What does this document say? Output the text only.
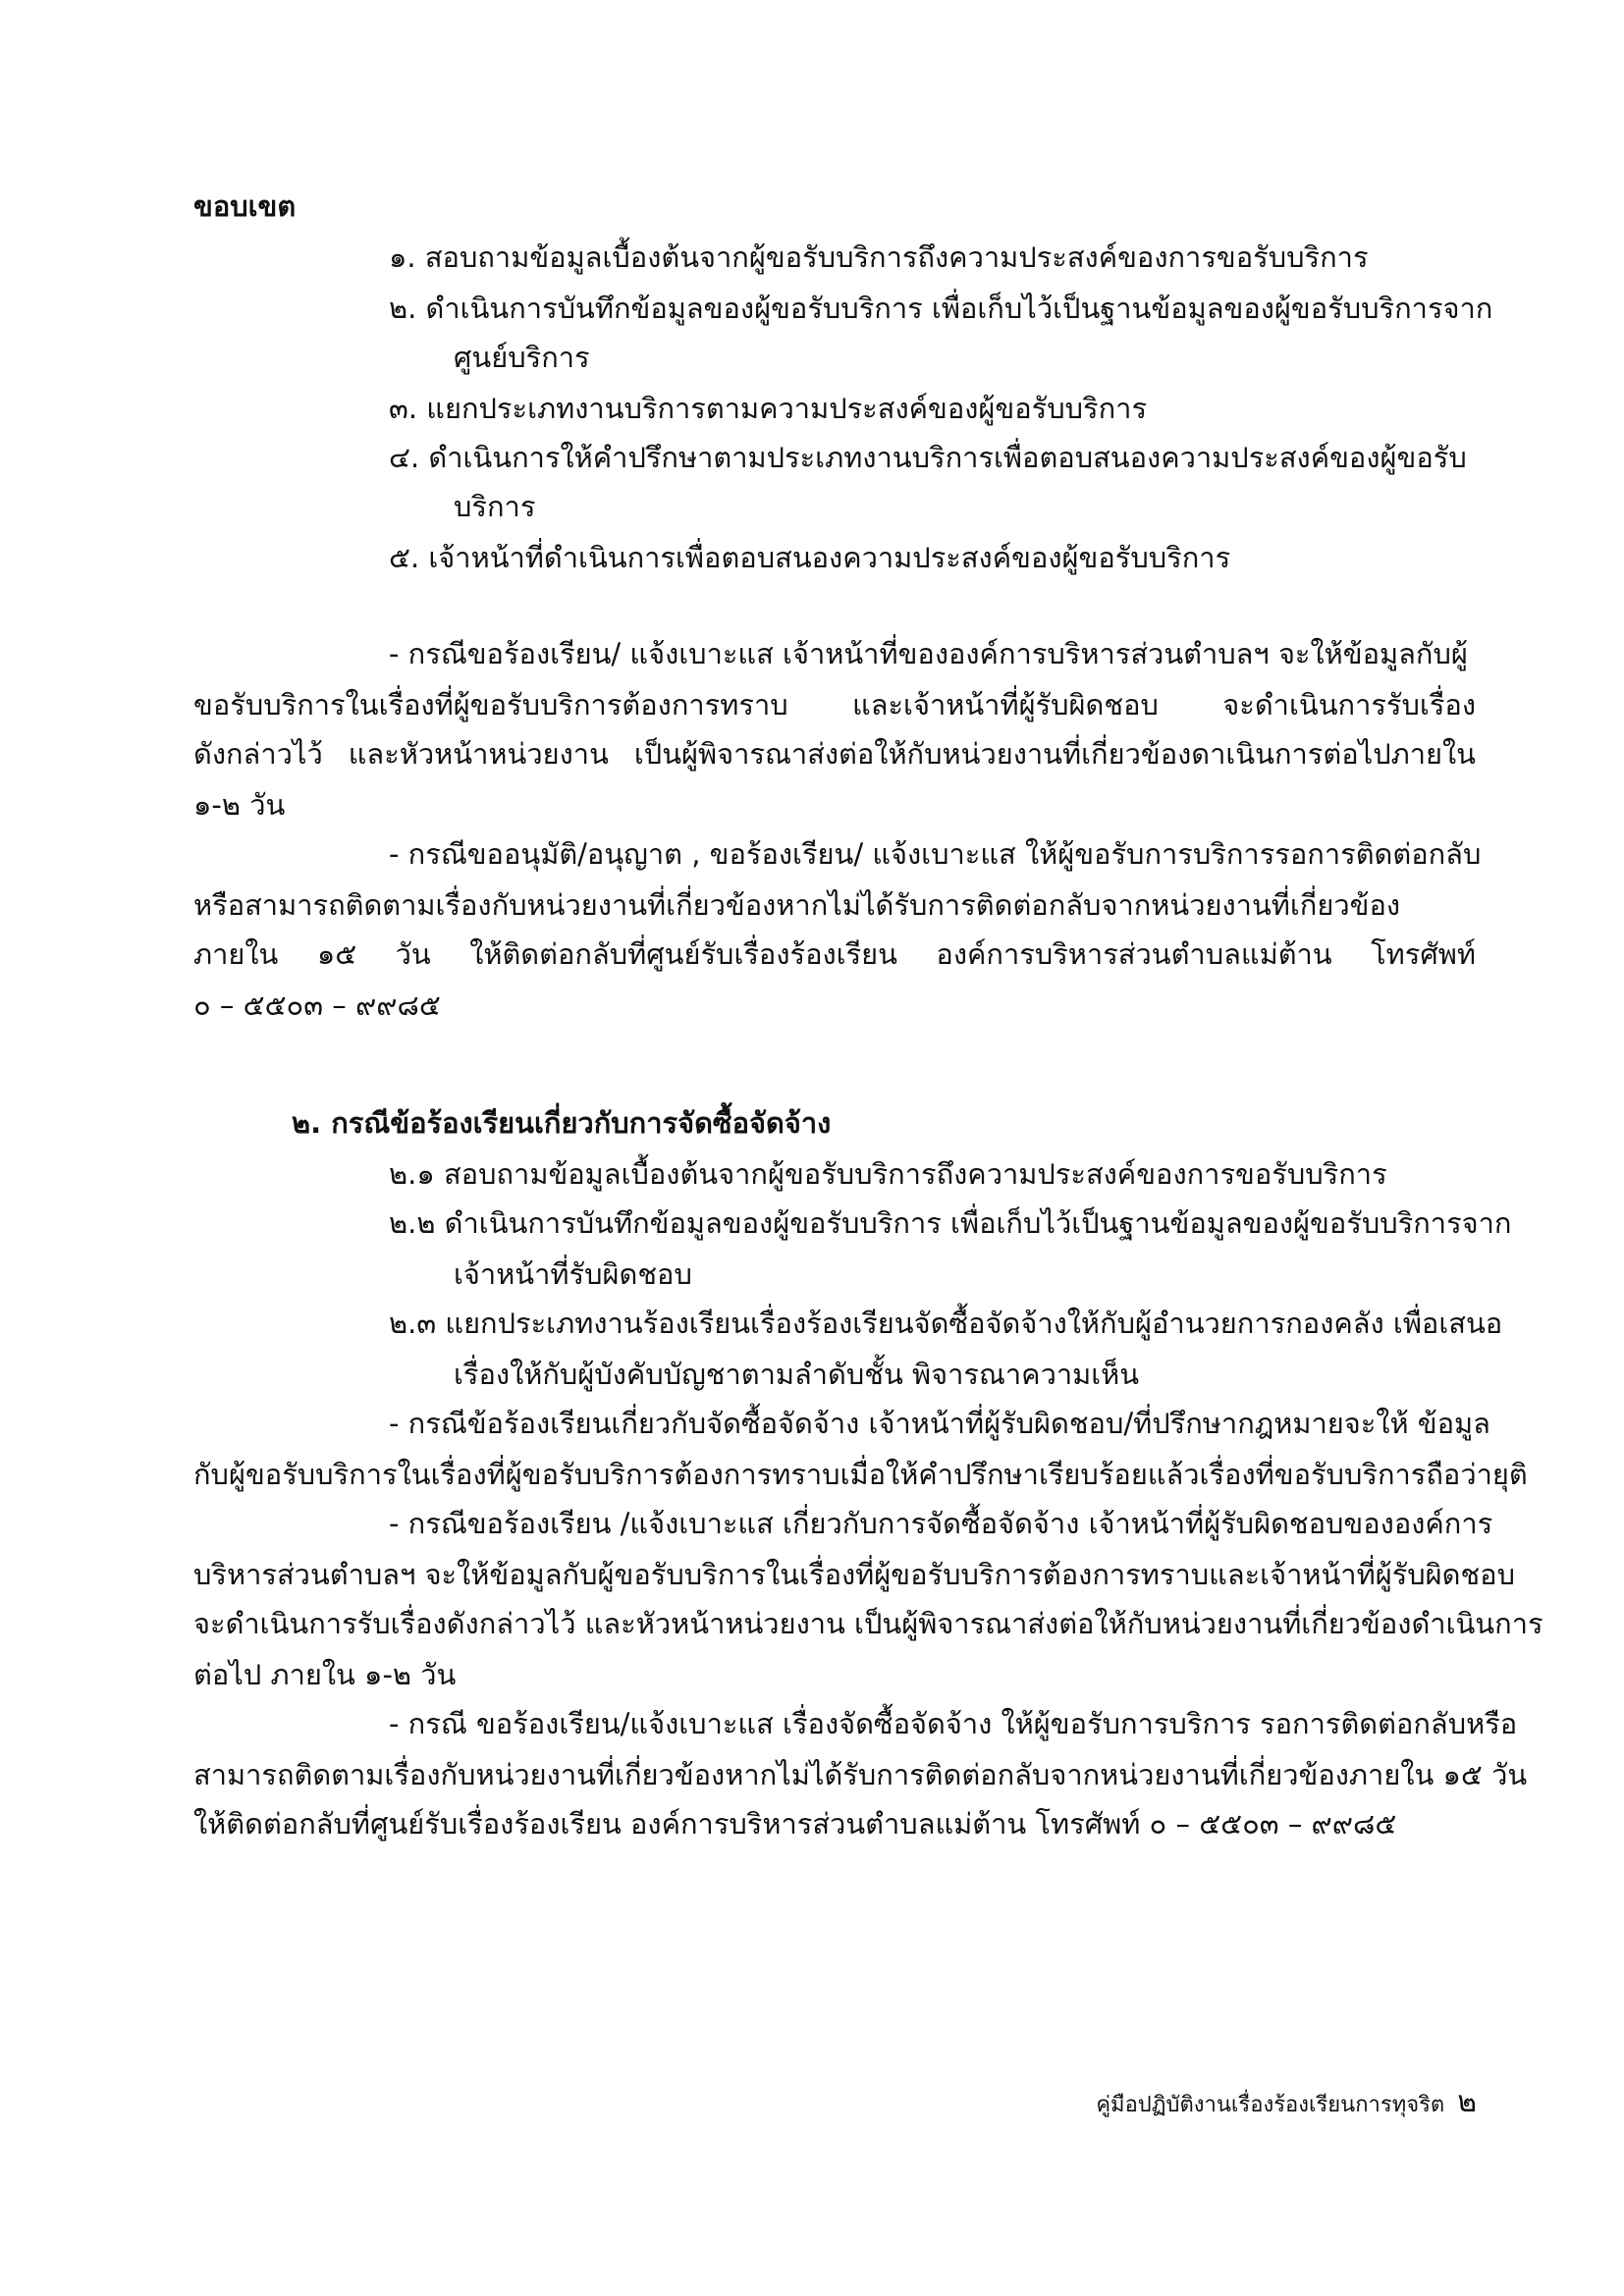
ขอบเขต
๑. สอบถามข้อมูลเบื้องต้นจากผู้ขอรับบริการถึงความประสงค์ของการขอรับบริการ
๒. ดำเนินการบันทึกข้อมูลของผู้ขอรับบริการ เพื่อเก็บไว้เป็นฐานข้อมูลของผู้ขอรับบริการจาก
ศูนย์บริการ
๓. แยกประเภทงานบริการตามความประสงค์ของผู้ขอรับบริการ
๔. ดำเนินการให้คำปรึกษาตามประเภทงานบริการเพื่อตอบสนองความประสงค์ของผู้ขอรับ
บริการ
๕. เจ้าหน้าที่ดำเนินการเพื่อตอบสนองความประสงค์ของผู้ขอรับบริการ
- กรณีขอร้องเรียน/ แจ้งเบาะแส เจ้าหน้าที่ขององค์การบริหารส่วนตำบลฯ จะให้ข้อมูลกับผู้
ขอรับบริการในเรื่องที่ผู้ขอรับบริการต้องการทราบ และเจ้าหน้าที่ผู้รับผิดชอบ จะดำเนินการรับเรื่อง
ดังกล่าวไว้ และหัวหน้าหน่วยงาน เป็นผู้พิจารณาส่งต่อให้กับหน่วยงานที่เกี่ยวข้องดาเนินการต่อไปภายใน
๑-๒ วัน
- กรณีขออนุมัติ/อนุญาต , ขอร้องเรียน/ แจ้งเบาะแส ให้ผู้ขอรับการบริการรอการติดต่อกลับ
หรือสามารถติดตามเรื่องกับหน่วยงานที่เกี่ยวข้องหากไม่ได้รับการติดต่อกลับจากหน่วยงานที่เกี่ยวข้อง
ภายใน ๑๕ วัน ให้ติดต่อกลับที่ศูนย์รับเรื่องร้องเรียน องค์การบริหารส่วนตำบลแม่ต้าน โทรศัพท์
๐ – ๕๕๐๓ – ๙๙๘๕
๒. กรณีข้อร้องเรียนเกี่ยวกับการจัดซื้อจัดจ้าง
๒.๑ สอบถามข้อมูลเบื้องต้นจากผู้ขอรับบริการถึงความประสงค์ของการขอรับบริการ
๒.๒ ดำเนินการบันทึกข้อมูลของผู้ขอรับบริการ เพื่อเก็บไว้เป็นฐานข้อมูลของผู้ขอรับบริการจาก
เจ้าหน้าที่รับผิดชอบ
๒.๓ แยกประเภทงานร้องเรียนเรื่องร้องเรียนจัดซื้อจัดจ้างให้กับผู้อำนวยการกองคลัง เพื่อเสนอ
เรื่องให้กับผู้บังคับบัญชาตามลำดับชั้น พิจารณาความเห็น
- กรณีข้อร้องเรียนเกี่ยวกับจัดซื้อจัดจ้าง เจ้าหน้าที่ผู้รับผิดชอบ/ที่ปรึกษากฎหมายจะให้ ข้อมูล
กับผู้ขอรับบริการในเรื่องที่ผู้ขอรับบริการต้องการทราบเมื่อให้คำปรึกษาเรียบร้อยแล้วเรื่องที่ขอรับบริการถือว่ายุติ
- กรณีขอร้องเรียน /แจ้งเบาะแส เกี่ยวกับการจัดซื้อจัดจ้าง เจ้าหน้าที่ผู้รับผิดชอบขององค์การ
บริหารส่วนตำบลฯ จะให้ข้อมูลกับผู้ขอรับบริการในเรื่องที่ผู้ขอรับบริการต้องการทราบและเจ้าหน้าที่ผู้รับผิดชอบ
จะดำเนินการรับเรื่องดังกล่าวไว้ และหัวหน้าหน่วยงาน เป็นผู้พิจารณาส่งต่อให้กับหน่วยงานที่เกี่ยวข้องดำเนินการ
ต่อไป ภายใน ๑-๒ วัน
- กรณี ขอร้องเรียน/แจ้งเบาะแส เรื่องจัดซื้อจัดจ้าง ให้ผู้ขอรับการบริการ รอการติดต่อกลับหรือ
สามารถติดตามเรื่องกับหน่วยงานที่เกี่ยวข้องหากไม่ได้รับการติดต่อกลับจากหน่วยงานที่เกี่ยวข้องภายใน ๑๕ วัน
ให้ติดต่อกลับที่ศูนย์รับเรื่องร้องเรียน องค์การบริหารส่วนตำบลแม่ต้าน โทรศัพท์ ๐ – ๕๕๐๓ – ๙๙๘๕
คู่มือปฏิบัติงานเรื่องร้องเรียนการทุจริต ๒
